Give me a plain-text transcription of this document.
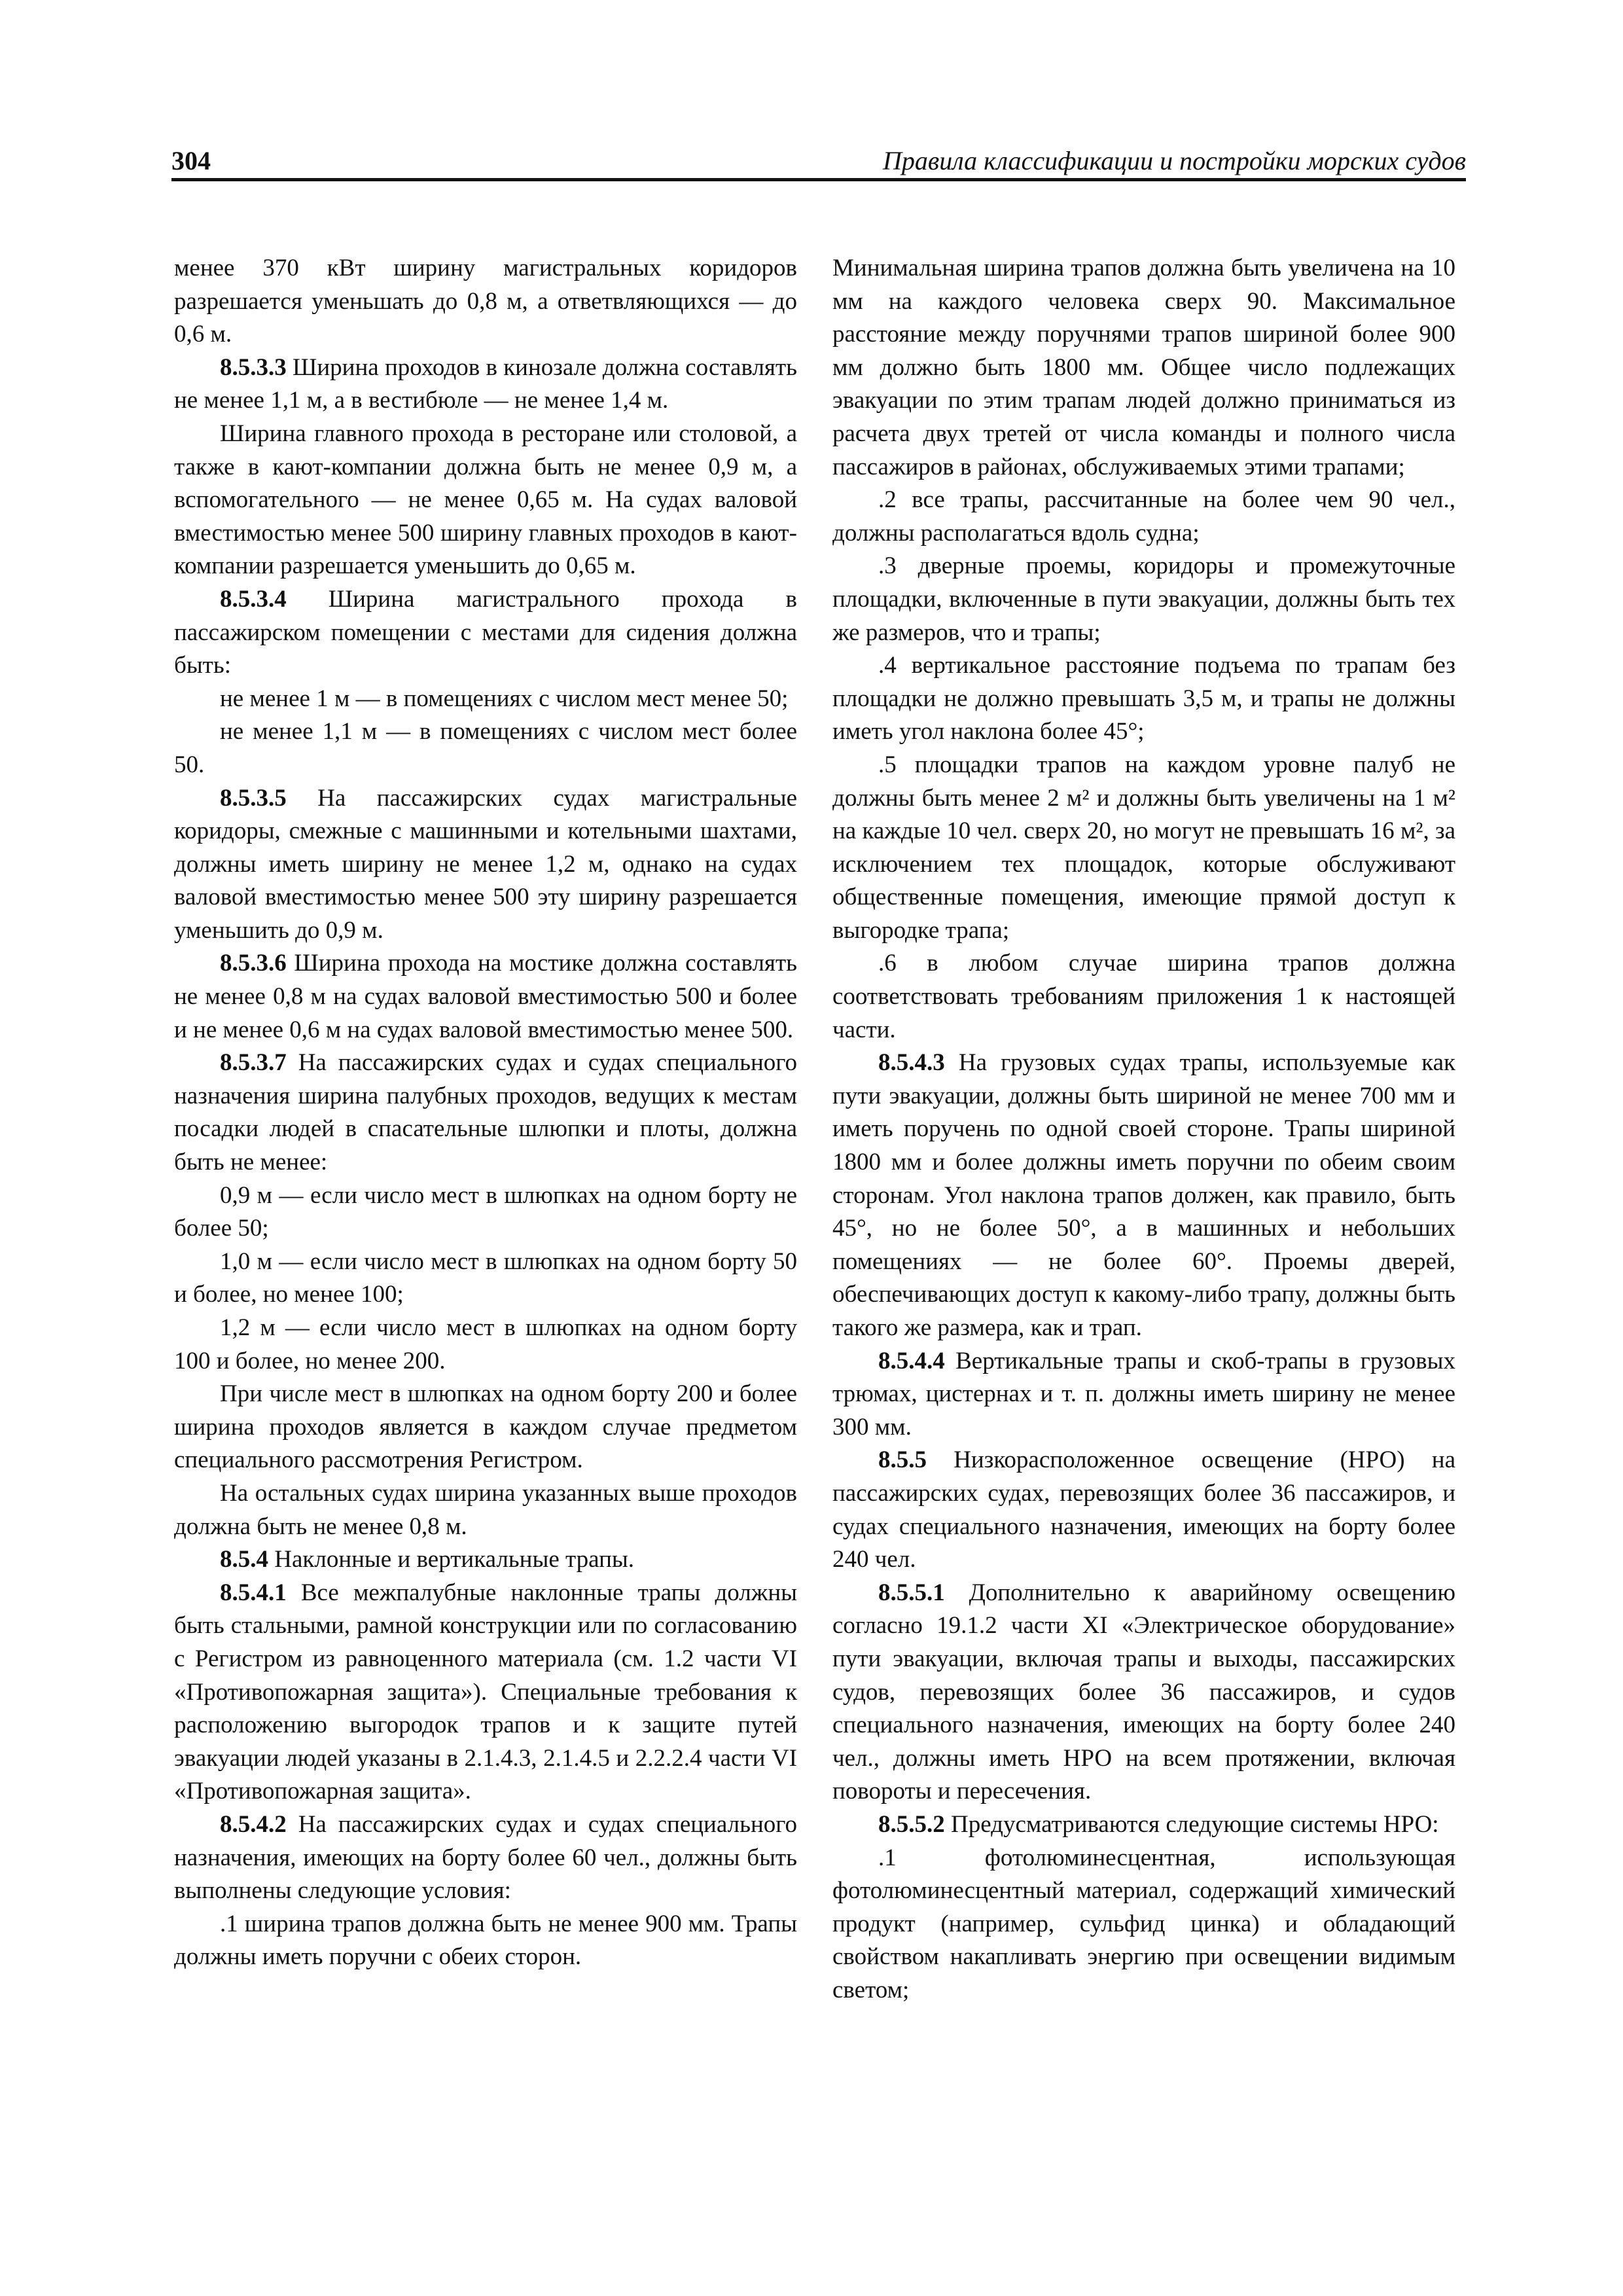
304	Правила классификации и постройки морских судов

менее 370 кВт ширину магистральных коридоров разрешается уменьшать до 0,8 м, а ответвляющихся — до 0,6 м.

8.5.3.3 Ширина проходов в кинозале должна составлять не менее 1,1 м, а в вестибюле — не менее 1,4 м.

Ширина главного прохода в ресторане или столовой, а также в кают-компании должна быть не менее 0,9 м, а вспомогательного — не менее 0,65 м. На судах валовой вместимостью менее 500 ширину главных проходов в кают-компании разрешается уменьшить до 0,65 м.

8.5.3.4 Ширина магистрального прохода в пассажирском помещении с местами для сидения должна быть:

не менее 1 м — в помещениях с числом мест менее 50;

не менее 1,1 м — в помещениях с числом мест более 50.

8.5.3.5 На пассажирских судах магистральные коридоры, смежные с машинными и котельными шахтами, должны иметь ширину не менее 1,2 м, однако на судах валовой вместимостью менее 500 эту ширину разрешается уменьшить до 0,9 м.

8.5.3.6 Ширина прохода на мостике должна составлять не менее 0,8 м на судах валовой вместимостью 500 и более и не менее 0,6 м на судах валовой вместимостью менее 500.

8.5.3.7 На пассажирских судах и судах специального назначения ширина палубных проходов, ведущих к местам посадки людей в спасательные шлюпки и плоты, должна быть не менее:

0,9 м — если число мест в шлюпках на одном борту не более 50;

1,0 м — если число мест в шлюпках на одном борту 50 и более, но менее 100;

1,2 м — если число мест в шлюпках на одном борту 100 и более, но менее 200.

При числе мест в шлюпках на одном борту 200 и более ширина проходов является в каждом случае предметом специального рассмотрения Регистром.

На остальных судах ширина указанных выше проходов должна быть не менее 0,8 м.

8.5.4 Наклонные и вертикальные трапы.

8.5.4.1 Все межпалубные наклонные трапы должны быть стальными, рамной конструкции или по согласованию с Регистром из равноценного материала (см. 1.2 части VI «Противопожарная защита»). Специальные требования к расположению выгородок трапов и к защите путей эвакуации людей указаны в 2.1.4.3, 2.1.4.5 и 2.2.2.4 части VI «Противопожарная защита».

8.5.4.2 На пассажирских судах и судах специального назначения, имеющих на борту более 60 чел., должны быть выполнены следующие условия:

.1 ширина трапов должна быть не менее 900 мм. Трапы должны иметь поручни с обеих сторон.

Минимальная ширина трапов должна быть увеличена на 10 мм на каждого человека сверх 90. Максимальное расстояние между поручнями трапов шириной более 900 мм должно быть 1800 мм. Общее число подлежащих эвакуации по этим трапам людей должно приниматься из расчета двух третей от числа команды и полного числа пассажиров в районах, обслуживаемых этими трапами;

.2 все трапы, рассчитанные на более чем 90 чел., должны располагаться вдоль судна;

.3 дверные проемы, коридоры и промежуточные площадки, включенные в пути эвакуации, должны быть тех же размеров, что и трапы;

.4 вертикальное расстояние подъема по трапам без площадки не должно превышать 3,5 м, и трапы не должны иметь угол наклона более 45°;

.5 площадки трапов на каждом уровне палуб не должны быть менее 2 м² и должны быть увеличены на 1 м² на каждые 10 чел. сверх 20, но могут не превышать 16 м², за исключением тех площадок, которые обслуживают общественные помещения, имеющие прямой доступ к выгородке трапа;

.6 в любом случае ширина трапов должна соответствовать требованиям приложения 1 к настоящей части.

8.5.4.3 На грузовых судах трапы, используемые как пути эвакуации, должны быть шириной не менее 700 мм и иметь поручень по одной своей стороне. Трапы шириной 1800 мм и более должны иметь поручни по обеим своим сторонам. Угол наклона трапов должен, как правило, быть 45°, но не более 50°, а в машинных и небольших помещениях — не более 60°. Проемы дверей, обеспечивающих доступ к какому-либо трапу, должны быть такого же размера, как и трап.

8.5.4.4 Вертикальные трапы и скоб-трапы в грузовых трюмах, цистернах и т. п. должны иметь ширину не менее 300 мм.

8.5.5 Низкорасположенное освещение (НРО) на пассажирских судах, перевозящих более 36 пассажиров, и судах специального назначения, имеющих на борту более 240 чел.

8.5.5.1 Дополнительно к аварийному освещению согласно 19.1.2 части XI «Электрическое оборудование» пути эвакуации, включая трапы и выходы, пассажирских судов, перевозящих более 36 пассажиров, и судов специального назначения, имеющих на борту более 240 чел., должны иметь НРО на всем протяжении, включая повороты и пересечения.

8.5.5.2 Предусматриваются следующие системы НРО:

.1 фотолюминесцентная, использующая фотолюминесцентный материал, содержащий химический продукт (например, сульфид цинка) и обладающий свойством накапливать энергию при освещении видимым светом;
